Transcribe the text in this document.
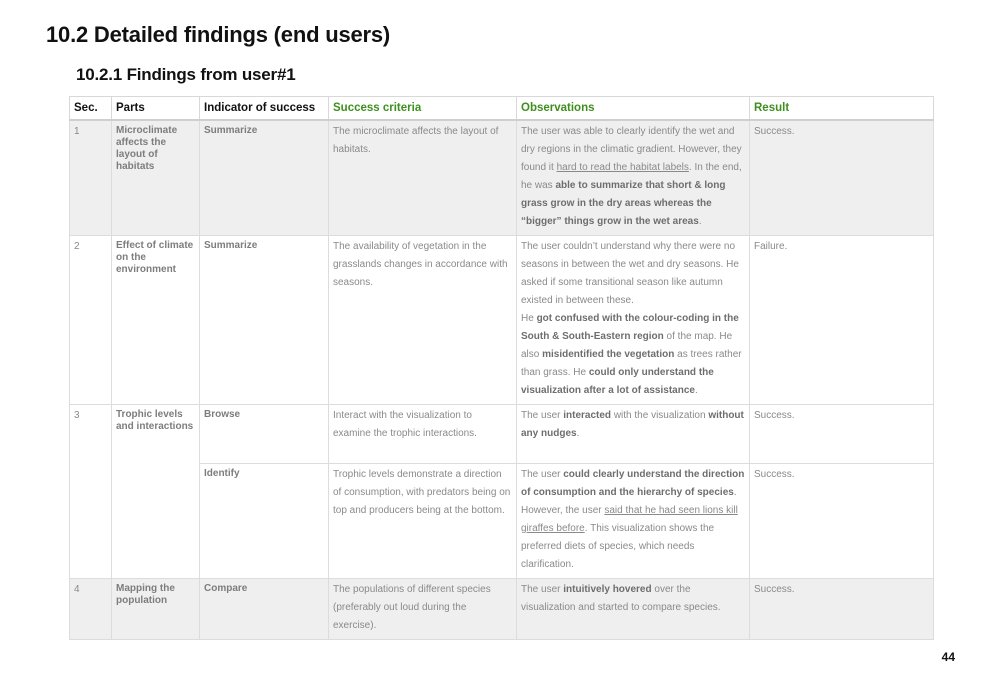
10.2 Detailed findings (end users)
10.2.1 Findings from user#1
Sec.	Parts	Indicator of success	Success criteria	Observations	Result
1	Microclimate affects the layout of habitats	Summarize	The microclimate affects the layout of habitats.	The user was able to clearly identify the wet and dry regions in the climatic gradient. However, they found it hard to read the habitat labels. In the end, he was able to summarize that short & long grass grow in the dry areas whereas the “bigger” things grow in the wet areas.	Success.
2	Effect of climate on the environment	Summarize	The availability of vegetation in the grasslands changes in accordance with seasons.	The user couldn’t understand why there were no seasons in between the wet and dry seasons. He asked if some transitional season like autumn existed in between these.
He got confused with the colour-coding in the South & South-Eastern region of the map. He also misidentified the vegetation as trees rather than grass. He could only understand the visualization after a lot of assistance.	Failure.
3	Trophic levels and interactions	Browse	Interact with the visualization to examine the trophic interactions.	The user interacted with the visualization without any nudges.	Success.
		Identify	Trophic levels demonstrate a direction of consumption, with predators being on top and producers being at the bottom.	The user could clearly understand the direction of consumption and the hierarchy of species. However, the user said that he had seen lions kill giraffes before. This visualization shows the preferred diets of species, which needs clarification.	Success.
4	Mapping the population	Compare	The populations of different species (preferably out loud during the exercise).	The user intuitively hovered over the visualization and started to compare species.	Success.
44
